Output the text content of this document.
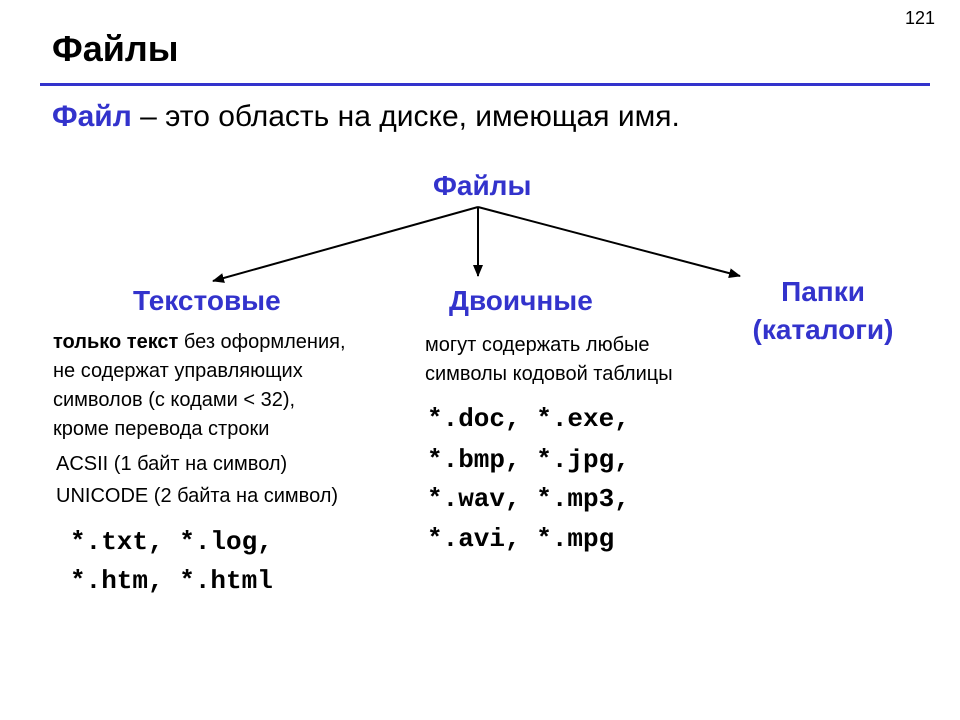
121
Файлы
Файл – это область на диске, имеющая имя.
Файлы
Текстовые	Двоичные	Папки
(каталоги)
только текст без оформления,
не содержат управляющих
символов (с кодами < 32),
кроме перевода строки
ACSII (1 байт на символ)
UNICODE (2 байта на символ)
*.txt, *.log,
*.htm, *.html
могут содержать любые
символы кодовой таблицы
*.doc, *.exe,
*.bmp, *.jpg,
*.wav, *.mp3,
*.avi, *.mpg
